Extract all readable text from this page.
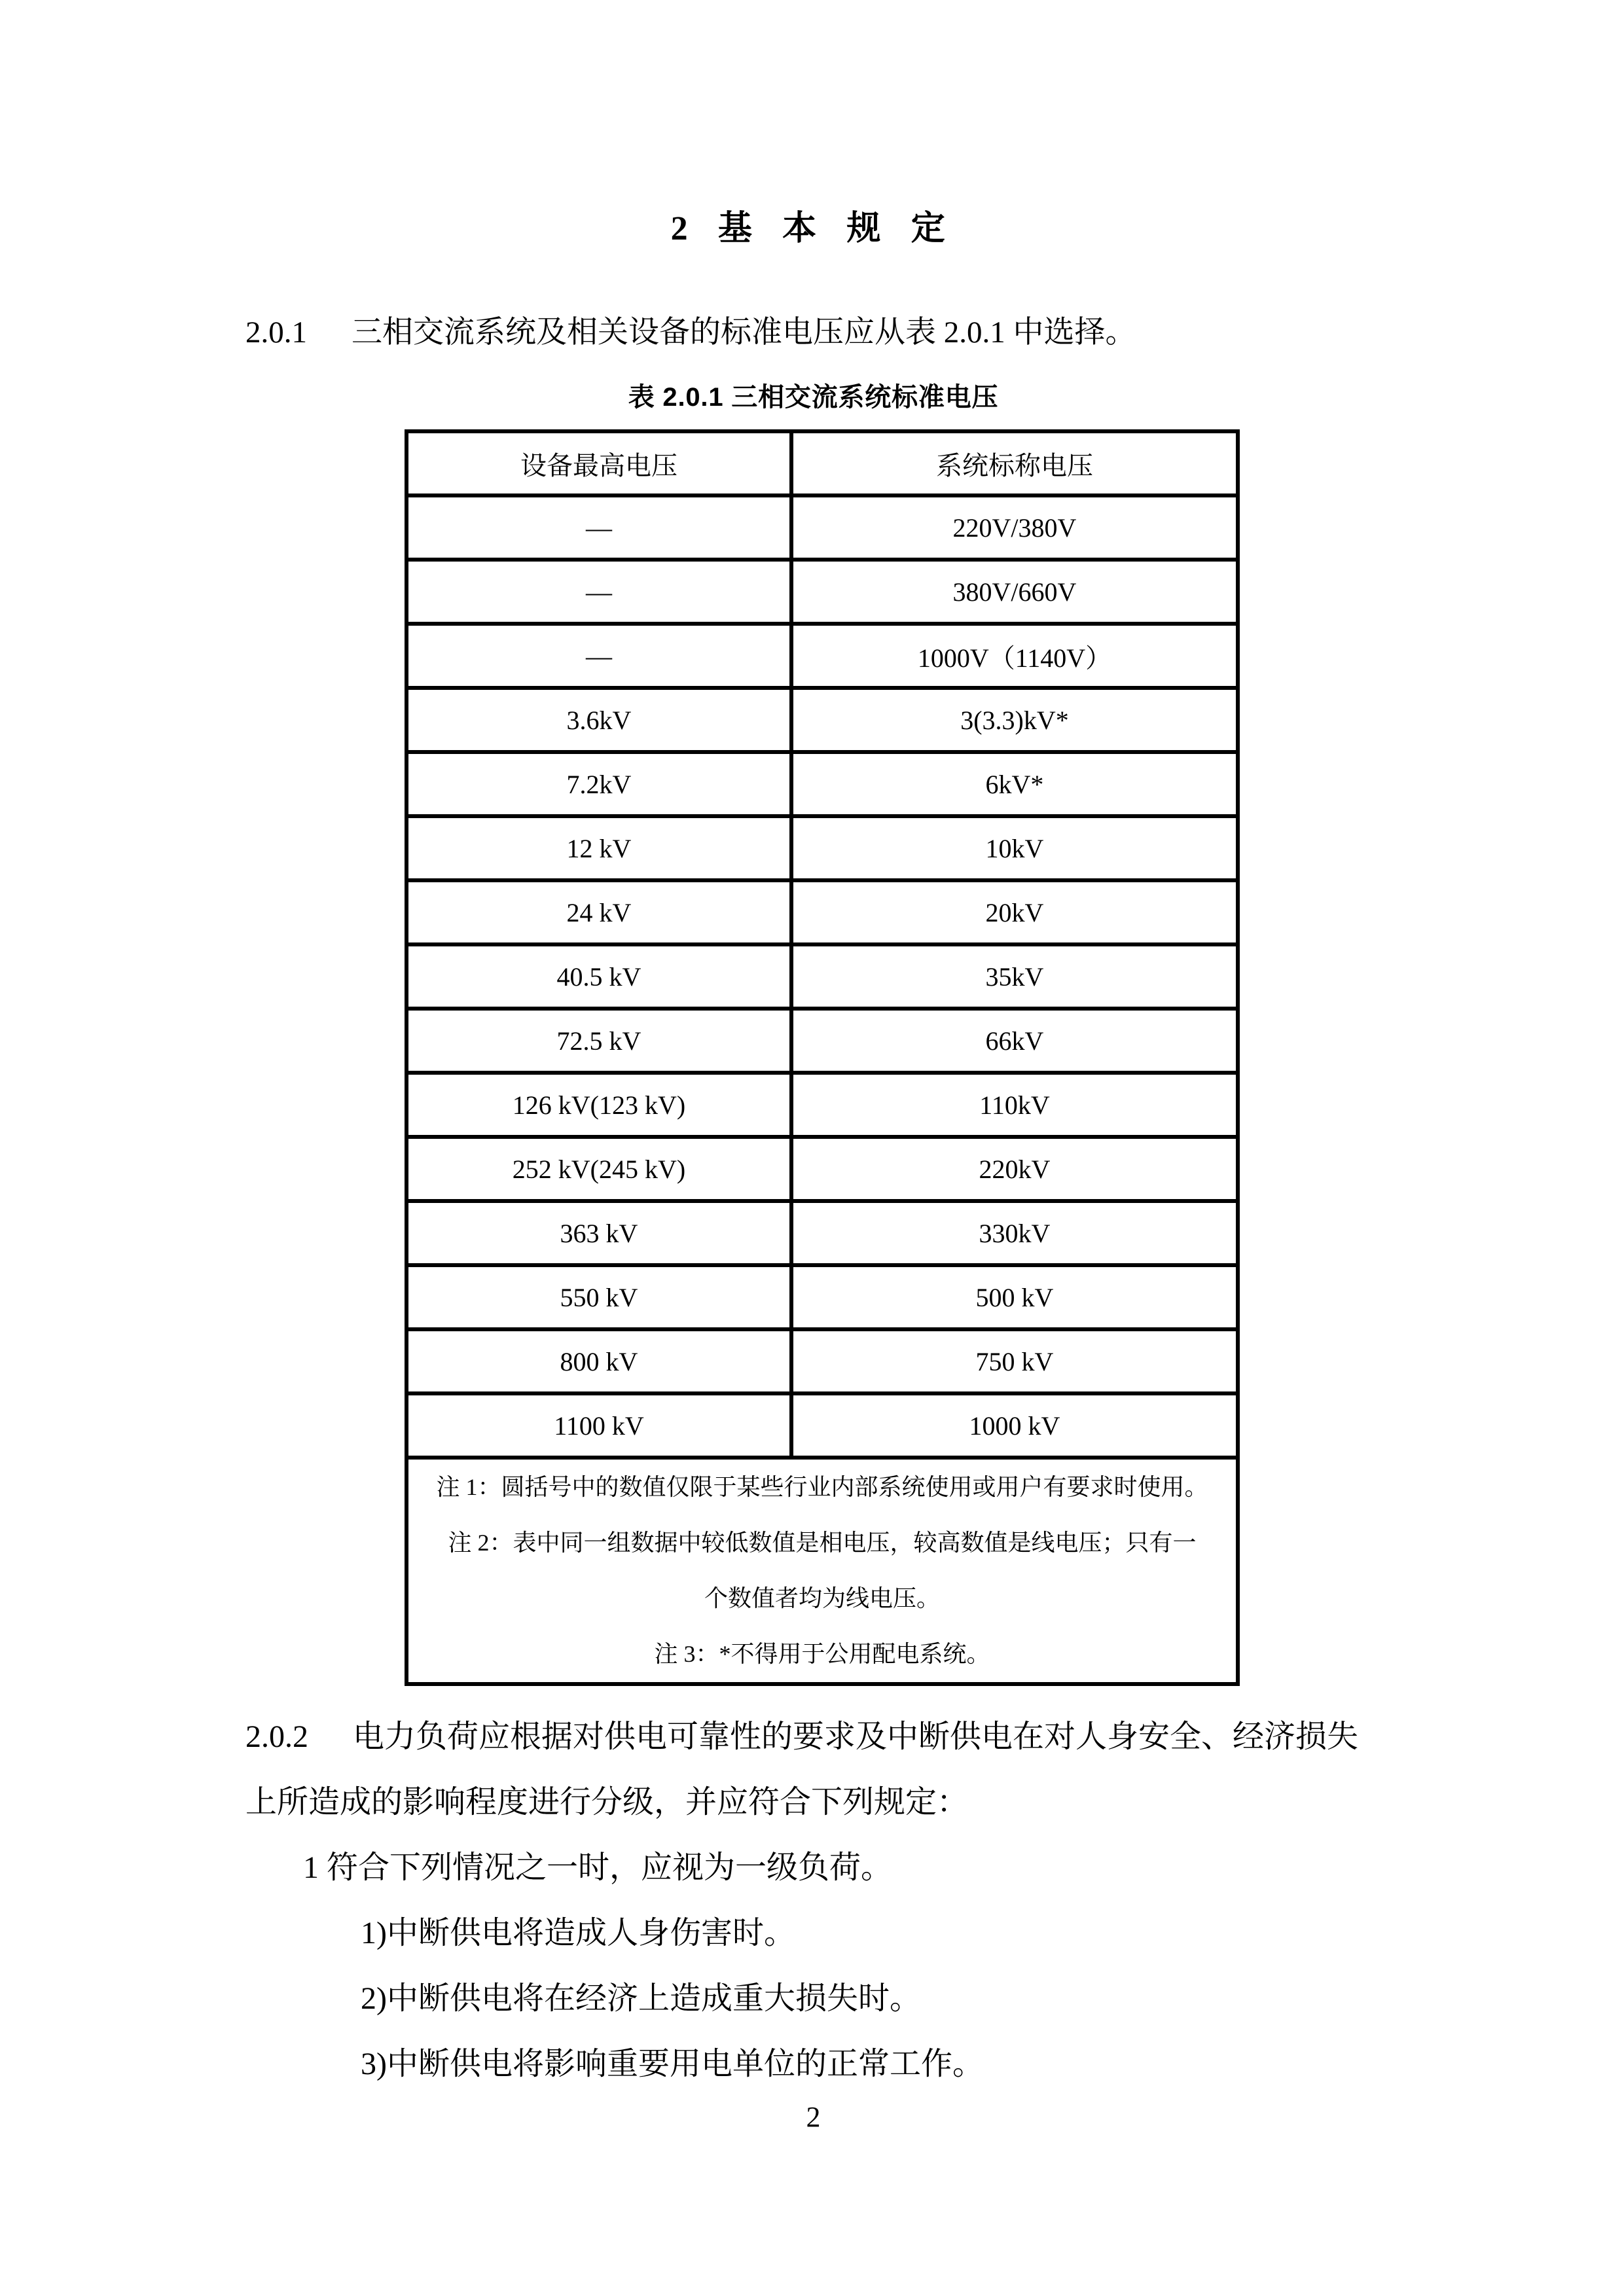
2 基 本 规 定
2.0.1 三相交流系统及相关设备的标准电压应从表 2.0.1 中选择。
表 2.0.1 三相交流系统标准电压
设备最高电压	系统标称电压
—	220V/380V
—	380V/660V
—	1000V（1140V）
3.6kV	3(3.3)kV*
7.2kV	6kV*
12 kV	10kV
24 kV	20kV
40.5 kV	35kV
72.5 kV	66kV
126 kV(123 kV)	110kV
252 kV(245 kV)	220kV
363 kV	330kV
550 kV	500 kV
800 kV	750 kV
1100 kV	1000 kV

注 1：圆括号中的数值仅限于某些行业内部系统使用或用户有要求时使用。
注 2：表中同一组数据中较低数值是相电压，较高数值是线电压；只有一
个数值者均为线电压。
注 3：*不得用于公用配电系统。	
2.0.2 电力负荷应根据对供电可靠性的要求及中断供电在对人身安全、经济损失
上所造成的影响程度进行分级，并应符合下列规定：
1 符合下列情况之一时，应视为一级负荷。
1)中断供电将造成人身伤害时。
2)中断供电将在经济上造成重大损失时。
3)中断供电将影响重要用电单位的正常工作。
2
